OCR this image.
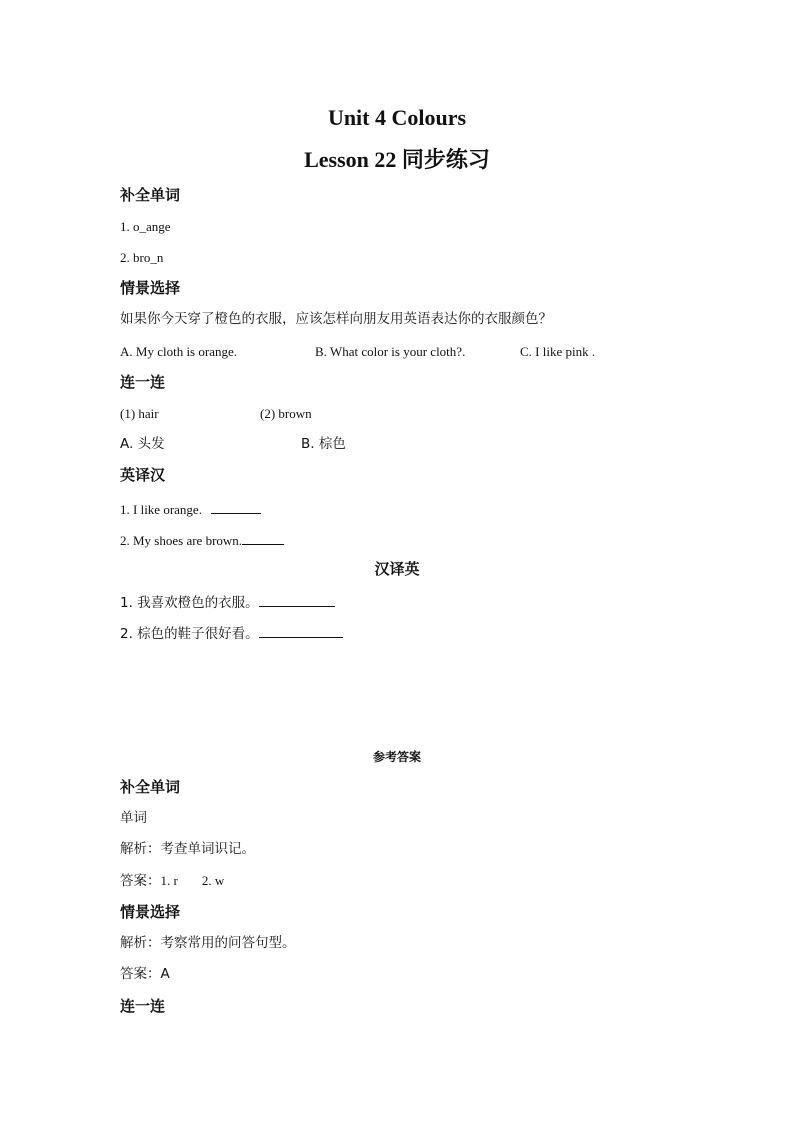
Unit 4 Colours
Lesson 22 同步练习
补全单词
1. o_ange
2. bro_n
情景选择
如果你今天穿了橙色的衣服，应该怎样向朋友用英语表达你的衣服颜色？
A. My cloth is orange.	B. What color is your cloth?.	C. I like pink .
连一连
(1) hair	(2) brown
A. 头发	B. 棕色
英译汉
1. I like orange.
2. My shoes are brown.
汉译英
1. 我喜欢橙色的衣服。
2. 棕色的鞋子很好看。
参考答案
补全单词
单词
解析：考查单词识记。
答案：1. r 2. w
情景选择
解析：考察常用的问答句型。
答案：A
连一连
